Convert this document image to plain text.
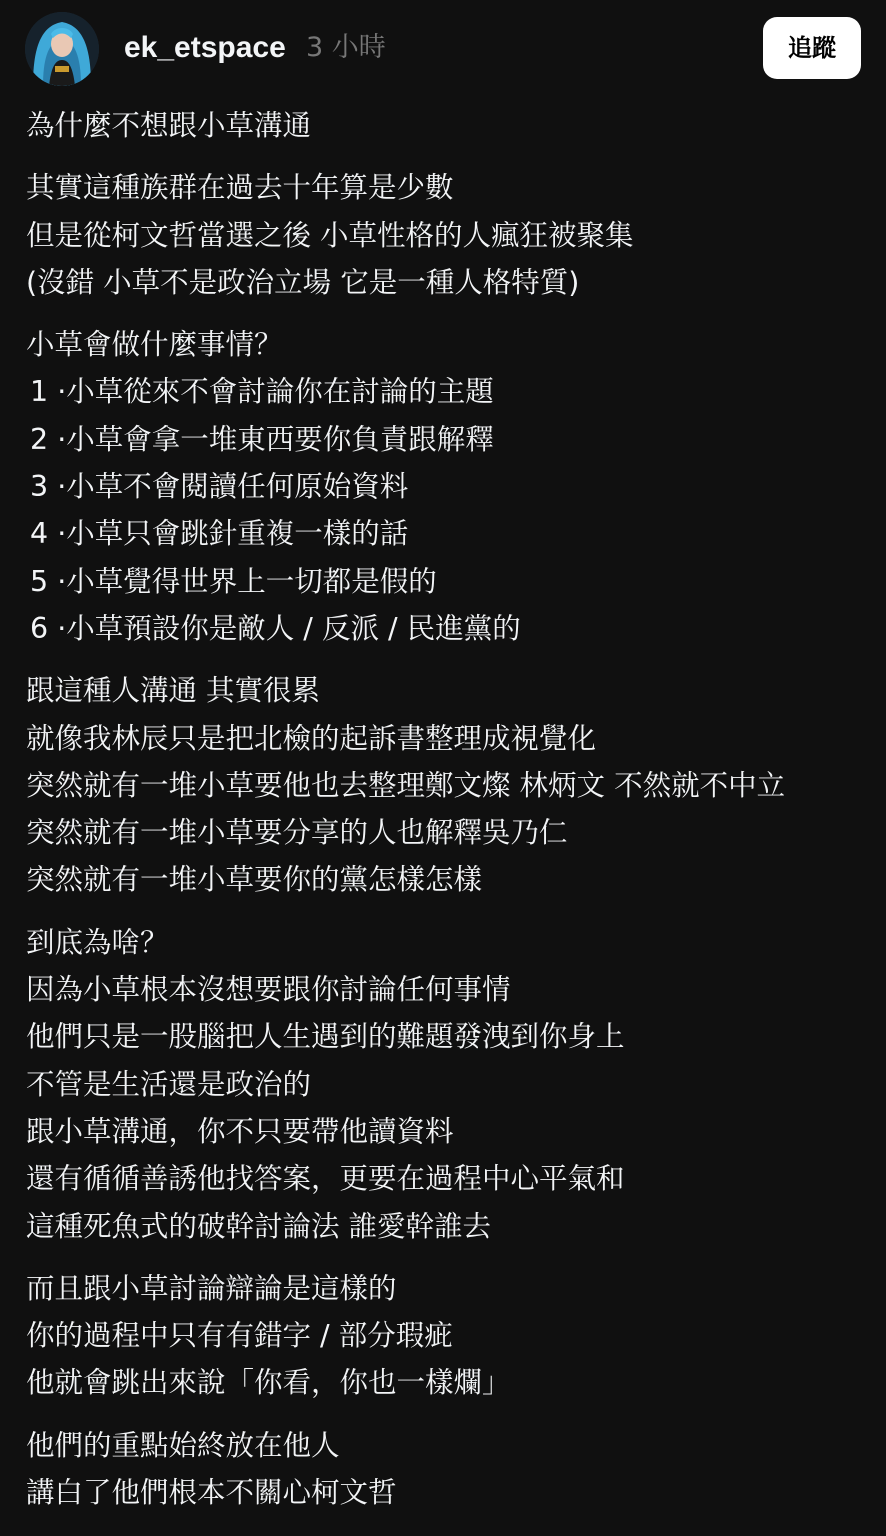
ek_etspace 3 小時	追蹤
為什麼不想跟小草溝通
其實這種族群在過去十年算是少數
但是從柯文哲當選之後 小草性格的人瘋狂被聚集
(沒錯 小草不是政治立場 它是一種人格特質)
小草會做什麼事情？
1 ·小草從來不會討論你在討論的主題
2 ·小草會拿一堆東西要你負責跟解釋
3 ·小草不會閱讀任何原始資料
4 ·小草只會跳針重複一樣的話
5 ·小草覺得世界上一切都是假的
6 ·小草預設你是敵人 / 反派 / 民進黨的
跟這種人溝通 其實很累
就像我林辰只是把北檢的起訴書整理成視覺化
突然就有一堆小草要他也去整理鄭文燦 林炳文 不然就不中立
突然就有一堆小草要分享的人也解釋吳乃仁
突然就有一堆小草要你的黨怎樣怎樣
到底為啥？
因為小草根本沒想要跟你討論任何事情
他們只是一股腦把人生遇到的難題發洩到你身上
不管是生活還是政治的
跟小草溝通，你不只要帶他讀資料
還有循循善誘他找答案，更要在過程中心平氣和
這種死魚式的破幹討論法 誰愛幹誰去
而且跟小草討論辯論是這樣的
你的過程中只有有錯字 / 部分瑕疵
他就會跳出來說「你看，你也一樣爛」
他們的重點始終放在他人
講白了他們根本不關心柯文哲
